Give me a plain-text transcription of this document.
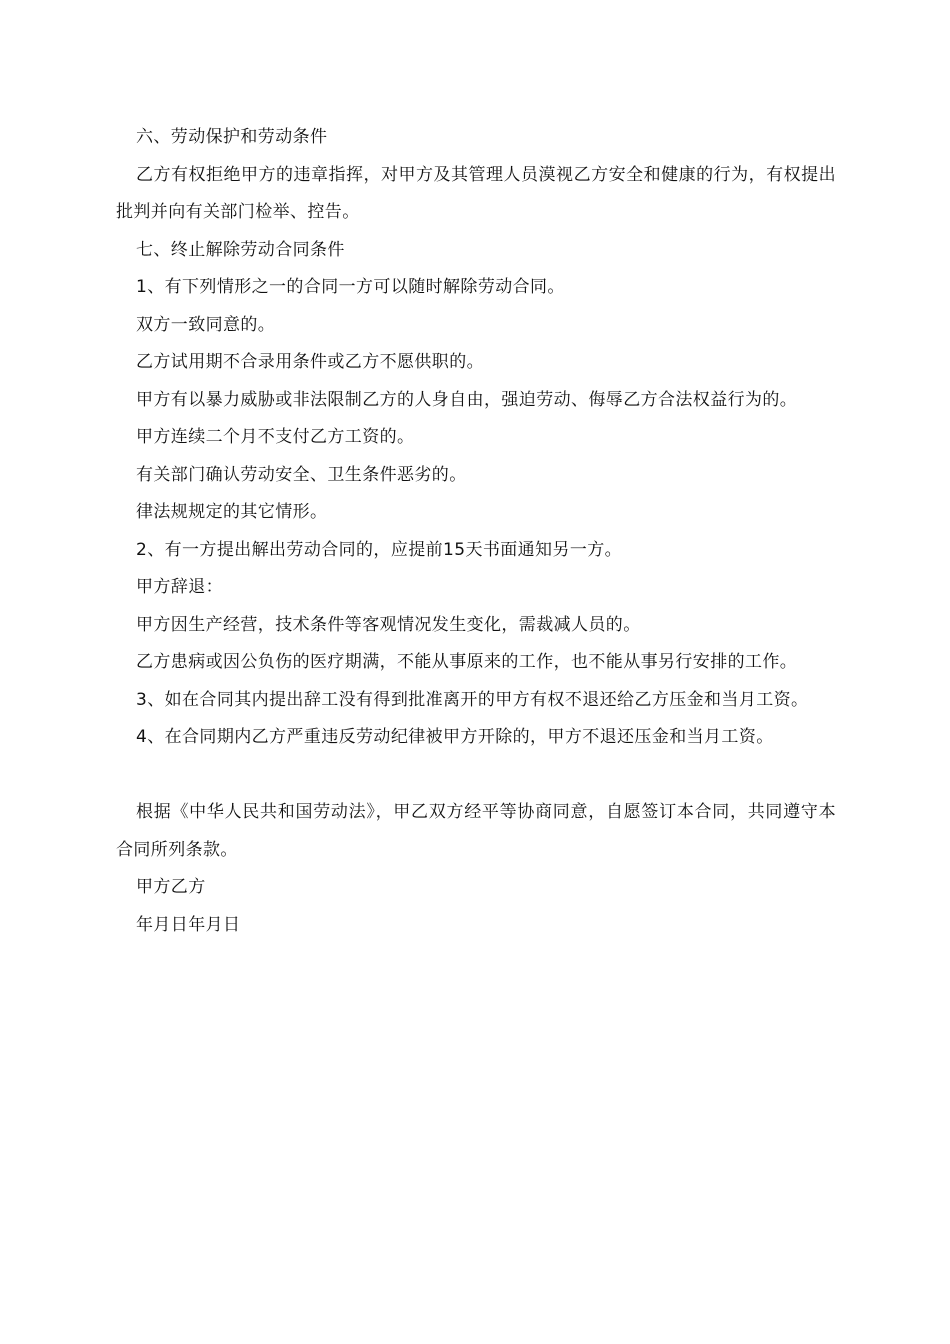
六、劳动保护和劳动条件

乙方有权拒绝甲方的违章指挥，对甲方及其管理人员漠视乙方安全和健康的行为，有权提出批判并向有关部门检举、控告。

七、终止解除劳动合同条件

1、有下列情形之一的合同一方可以随时解除劳动合同。

双方一致同意的。

乙方试用期不合录用条件或乙方不愿供职的。

甲方有以暴力威胁或非法限制乙方的人身自由，强迫劳动、侮辱乙方合法权益行为的。

甲方连续二个月不支付乙方工资的。

有关部门确认劳动安全、卫生条件恶劣的。

律法规规定的其它情形。

2、有一方提出解出劳动合同的，应提前15天书面通知另一方。

甲方辞退：

甲方因生产经营，技术条件等客观情况发生变化，需裁减人员的。

乙方患病或因公负伤的医疗期满，不能从事原来的工作，也不能从事另行安排的工作。

3、如在合同其内提出辞工没有得到批准离开的甲方有权不退还给乙方压金和当月工资。

4、在合同期内乙方严重违反劳动纪律被甲方开除的，甲方不退还压金和当月工资。

根据《中华人民共和国劳动法》，甲乙双方经平等协商同意，自愿签订本合同，共同遵守本合同所列条款。

甲方乙方

年月日年月日
